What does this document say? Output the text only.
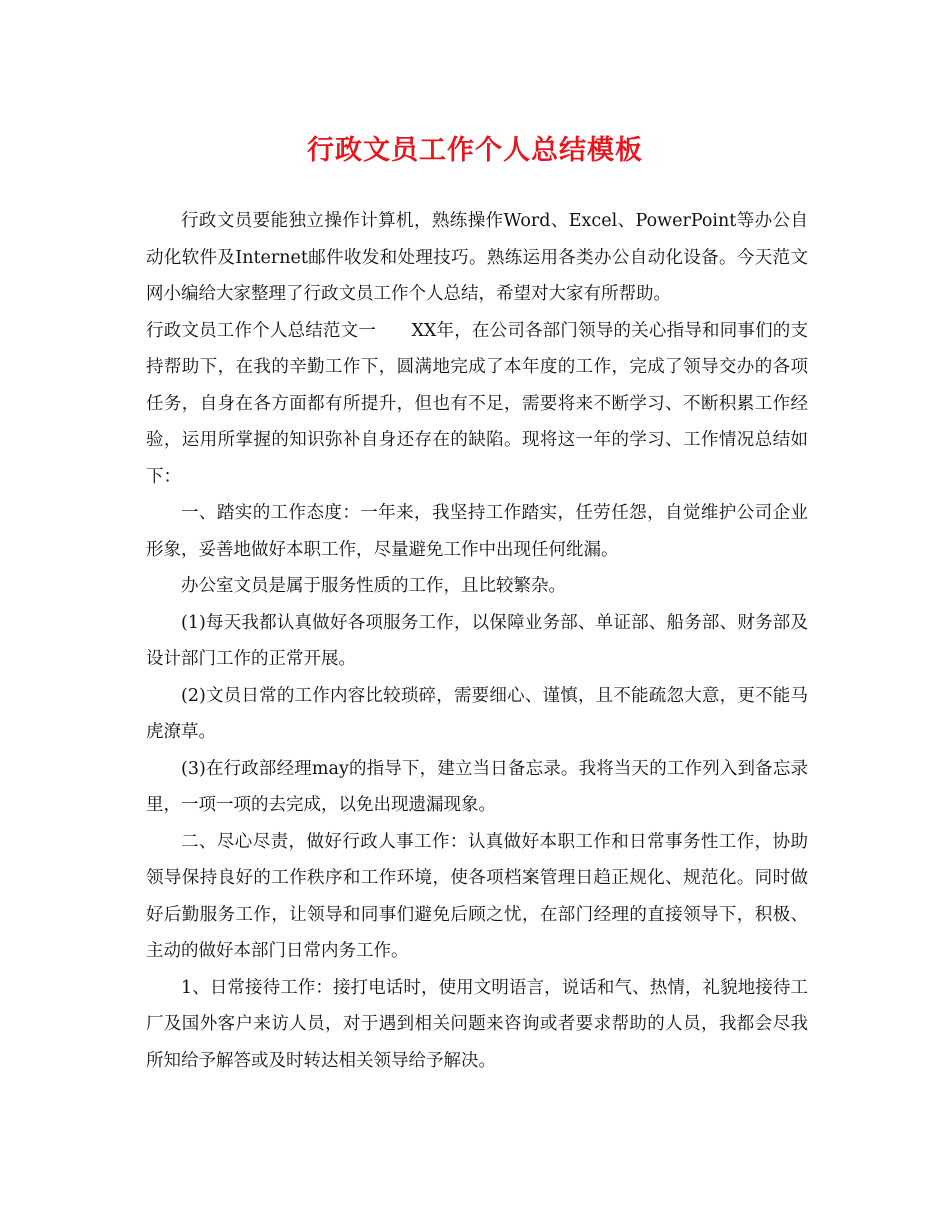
行政文员工作个人总结模板

行政文员要能独立操作计算机，熟练操作Word、Excel、PowerPoint等办公自动化软件及Internet邮件收发和处理技巧。熟练运用各类办公自动化设备。今天范文网小编给大家整理了行政文员工作个人总结，希望对大家有所帮助。

行政文员工作个人总结范文一　　XX年，在公司各部门领导的关心指导和同事们的支持帮助下，在我的辛勤工作下，圆满地完成了本年度的工作，完成了领导交办的各项任务，自身在各方面都有所提升，但也有不足，需要将来不断学习、不断积累工作经验，运用所掌握的知识弥补自身还存在的缺陷。现将这一年的学习、工作情况总结如下：

一、踏实的工作态度：一年来，我坚持工作踏实，任劳任怨，自觉维护公司企业形象，妥善地做好本职工作，尽量避免工作中出现任何纰漏。

办公室文员是属于服务性质的工作，且比较繁杂。

(1)每天我都认真做好各项服务工作，以保障业务部、单证部、船务部、财务部及设计部门工作的正常开展。

(2)文员日常的工作内容比较琐碎，需要细心、谨慎，且不能疏忽大意，更不能马虎潦草。

(3)在行政部经理may的指导下，建立当日备忘录。我将当天的工作列入到备忘录里，一项一项的去完成，以免出现遗漏现象。

二、尽心尽责，做好行政人事工作：认真做好本职工作和日常事务性工作，协助领导保持良好的工作秩序和工作环境，使各项档案管理日趋正规化、规范化。同时做好后勤服务工作，让领导和同事们避免后顾之忧，在部门经理的直接领导下，积极、主动的做好本部门日常内务工作。

1、日常接待工作：接打电话时，使用文明语言，说话和气、热情，礼貌地接待工厂及国外客户来访人员，对于遇到相关问题来咨询或者要求帮助的人员，我都会尽我所知给予解答或及时转达相关领导给予解决。
